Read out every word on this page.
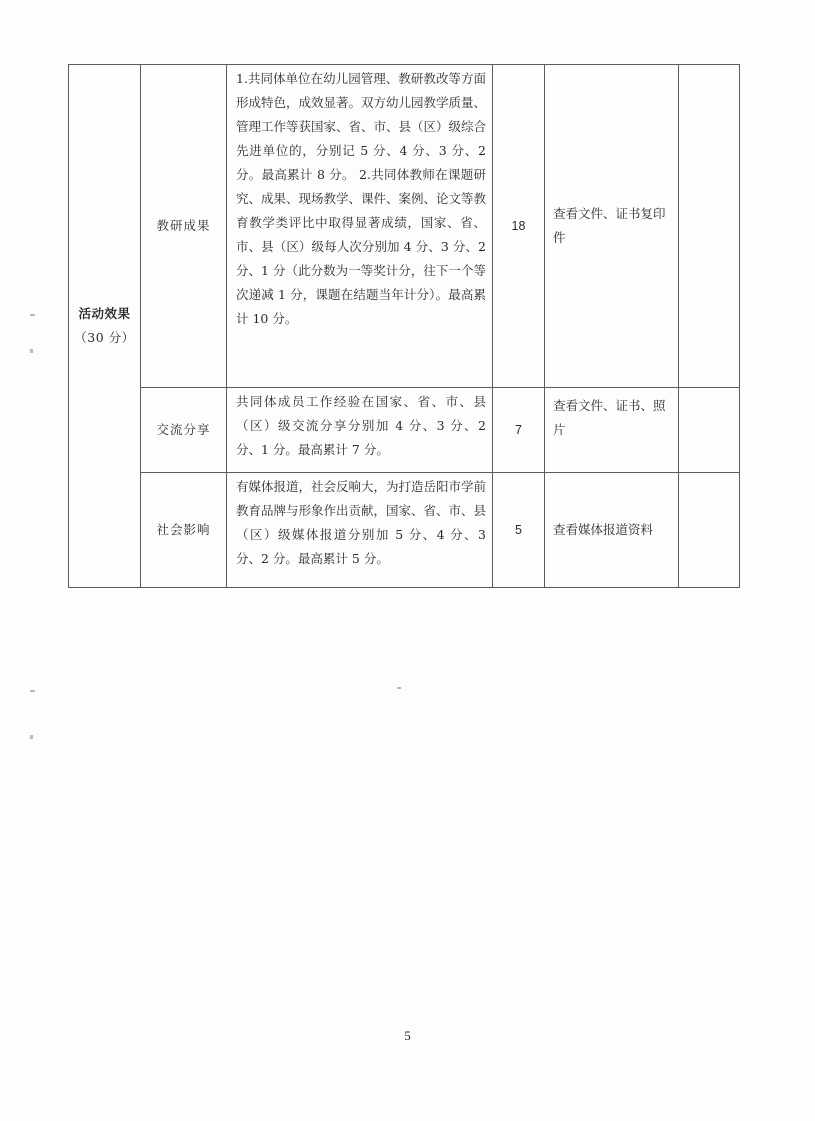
活动效果
（30 分）	教研成果	1.共同体单位在幼儿园管理、教研教改等方面形成特色，成效显著。双方幼儿园教学质量、管理工作等获国家、省、市、县（区）级综合先进单位的，分别记 5 分、4 分、3 分、2 分。最高累计 8 分。 2.共同体教师在课题研究、成果、现场教学、课件、案例、论文等教育教学类评比中取得显著成绩，国家、省、市、县（区）级每人次分别加 4 分、3 分、2 分、1 分（此分数为一等奖计分，往下一个等次递减 1 分，课题在结题当年计分）。最高累计 10 分。	18	查看文件、证书复印件	

	交流分享	共同体成员工作经验在国家、省、市、县（区）级交流分享分别加 4 分、3 分、2 分、1 分。最高累计 7 分。	7	查看文件、证书、照片	

	社会影响	有媒体报道，社会反响大，为打造岳阳市学前教育品牌与形象作出贡献，国家、省、市、县（区）级媒体报道分别加 5 分、4 分、3 分、2 分。最高累计 5 分。	5	查看媒体报道资料	

5
